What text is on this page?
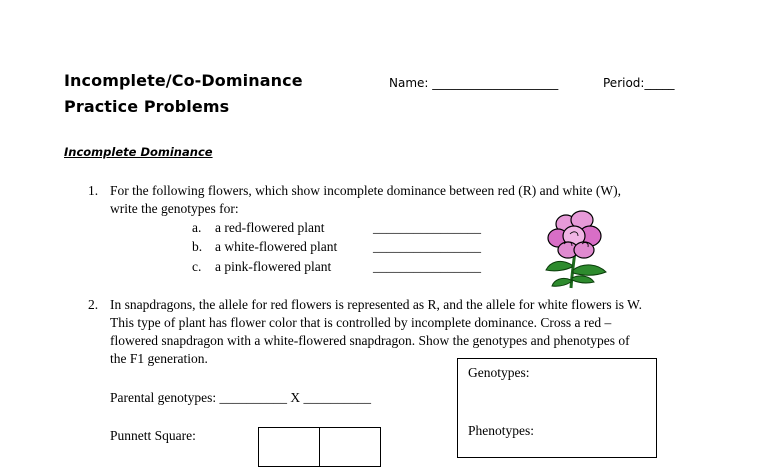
Incomplete/Co-Dominance
Practice Problems
Name: _____________________	Period:_____
Incomplete Dominance
1. For the following flowers, which show incomplete dominance between red (R) and white (W),
write the genotypes for:
a. a red-flowered plant	________________
b. a white-flowered plant	________________
c. a pink-flowered plant	________________
2. In snapdragons, the allele for red flowers is represented as R, and the allele for white flowers is W.
This type of plant has flower color that is controlled by incomplete dominance. Cross a red –
flowered snapdragon with a white-flowered snapdragon. Show the genotypes and phenotypes of
the F1 generation.
Parental genotypes: __________ X __________
Punnett Square:
Genotypes:
Phenotypes:
